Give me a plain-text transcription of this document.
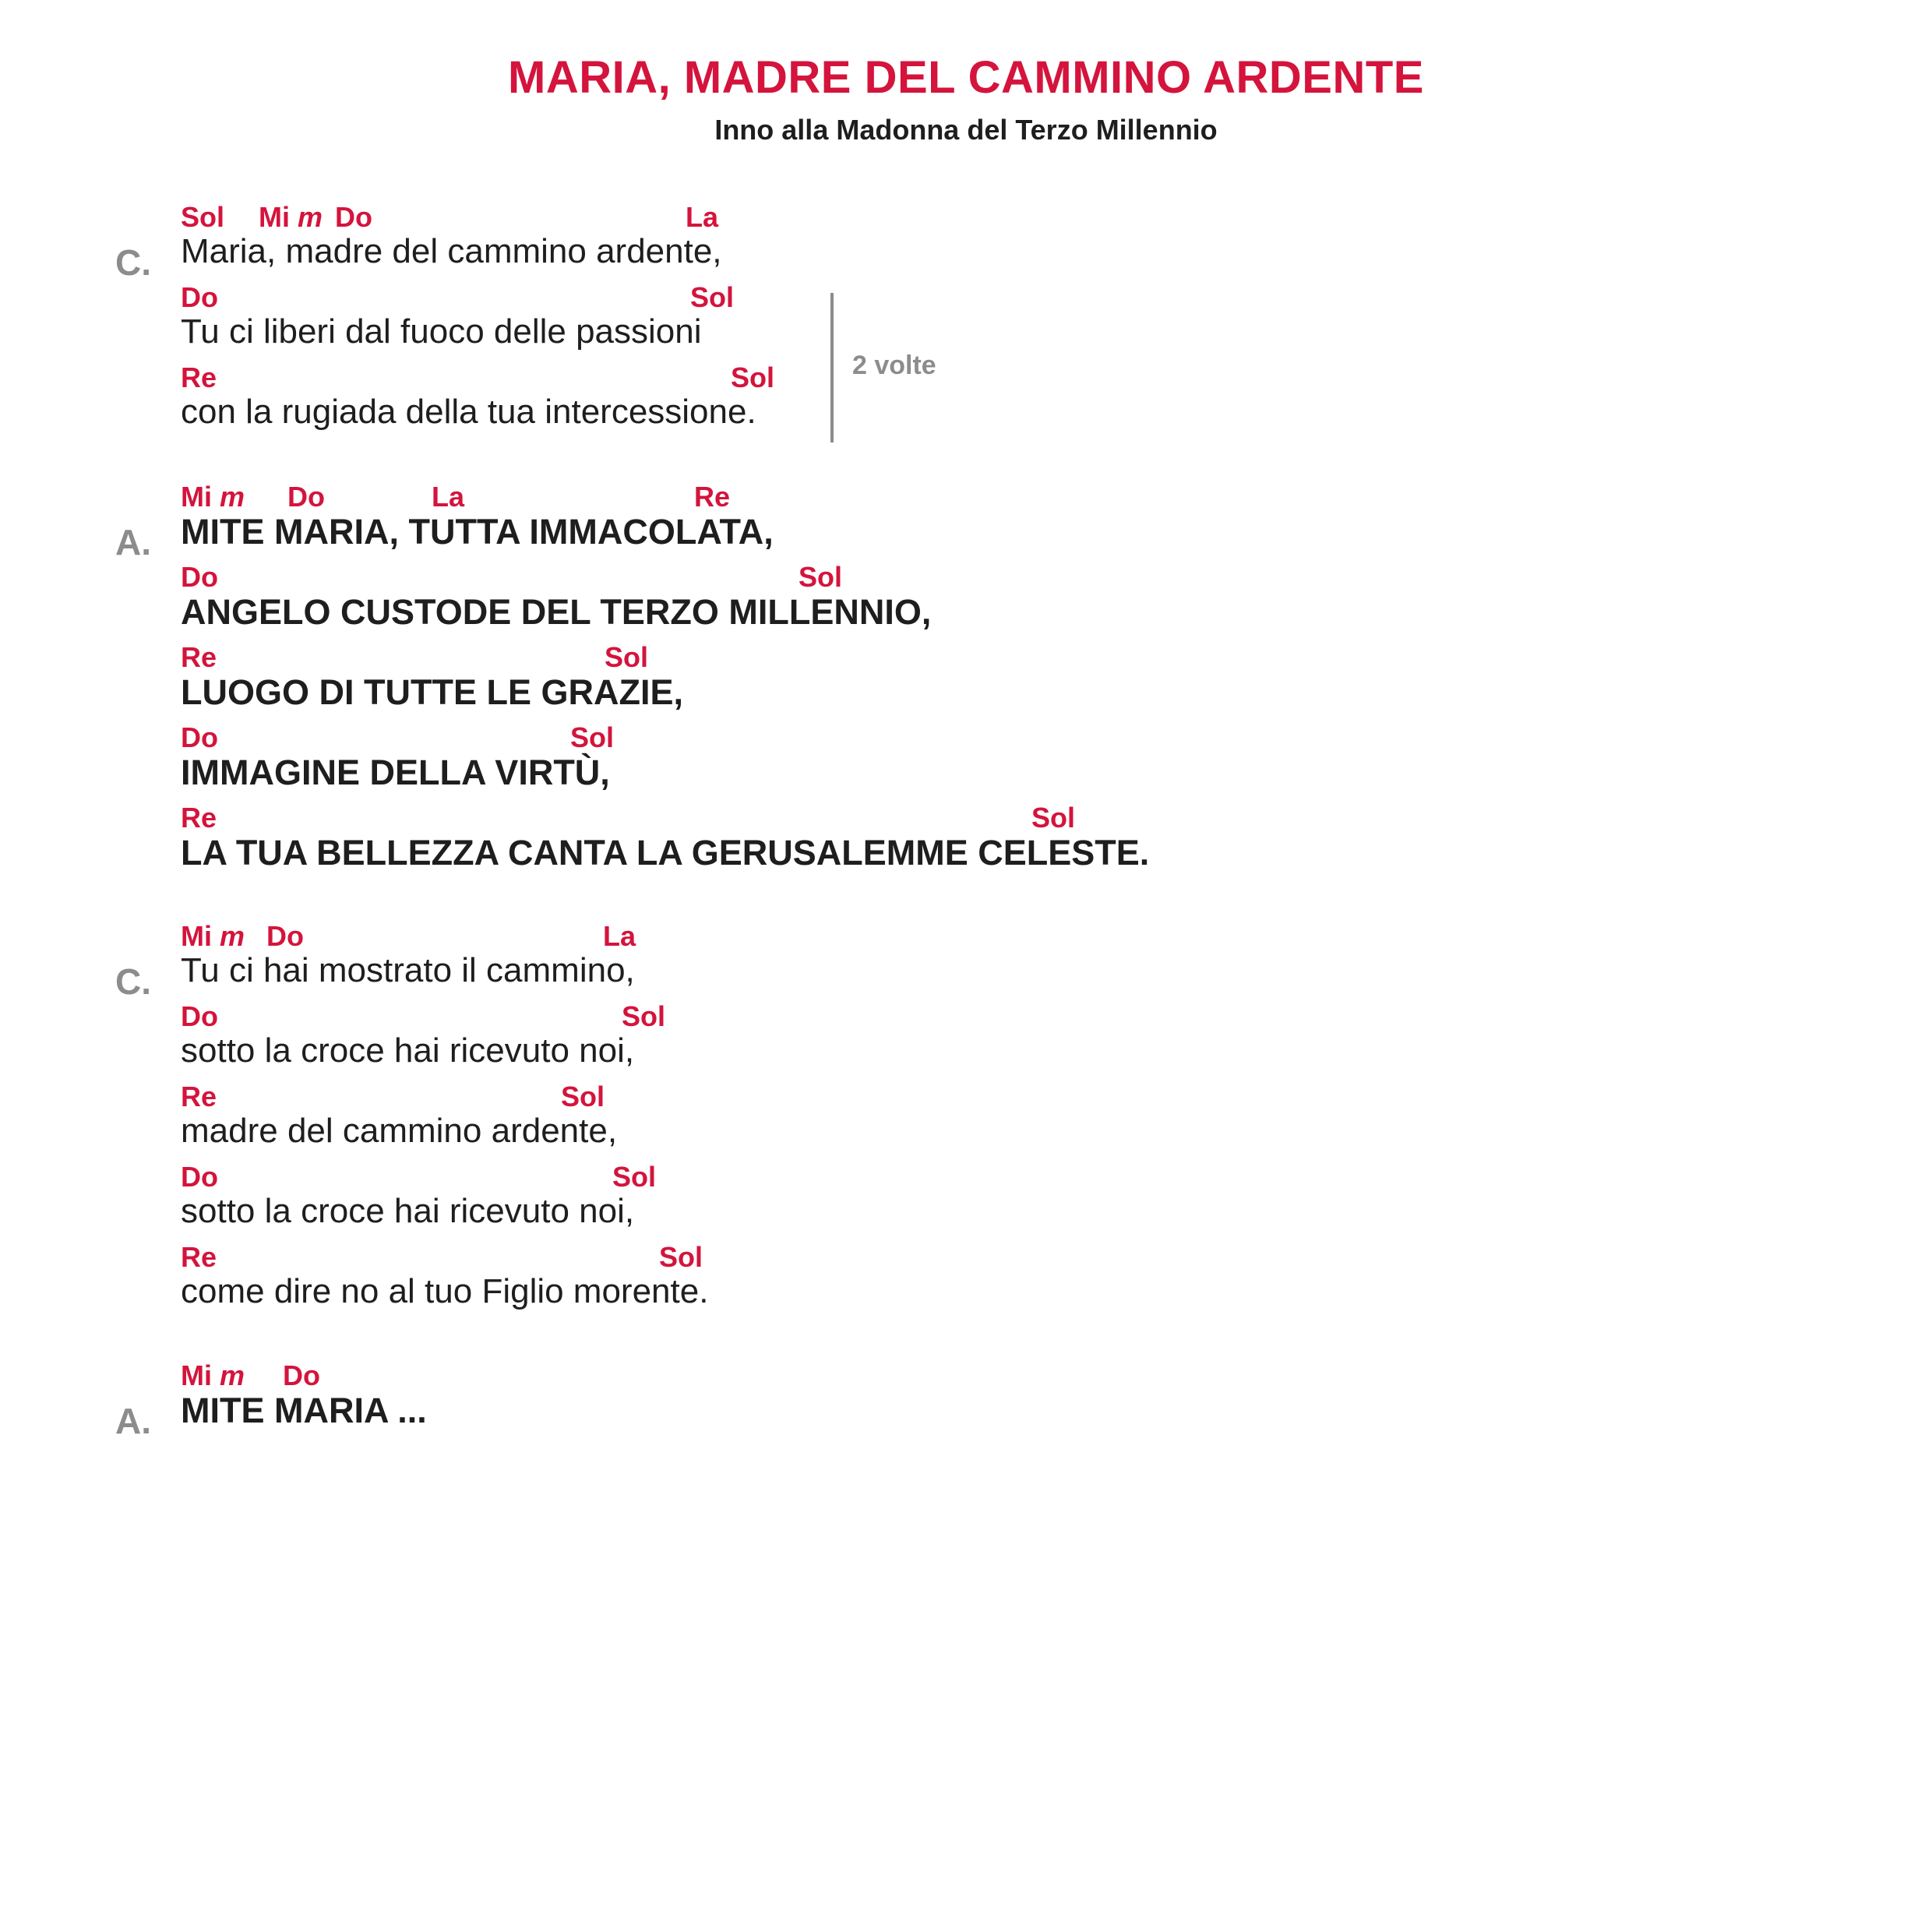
MARIA, MADRE DEL CAMMINO ARDENTE
Inno alla Madonna del Terzo Millennio
C.
Sol Mi m Do	La
Maria, madre del cammino ardente,
Do	Sol
Tu ci liberi dal fuoco delle passioni
Re	Sol
con la rugiada della tua intercessione.
A.
Mi m Do	La	Re
MITE MARIA, TUTTA IMMACOLATA,
Do	Sol
ANGELO CUSTODE DEL TERZO MILLENNIO,
Re	Sol
LUOGO DI TUTTE LE GRAZIE,
Do	Sol
IMMAGINE DELLA VIRTÙ,
Re	Sol
LA TUA BELLEZZA CANTA LA GERUSALEMME CELESTE.
C.
Mi m Do	La
Tu ci hai mostrato il cammino,
Do	Sol
sotto la croce hai ricevuto noi,
Re	Sol
madre del cammino ardente,
Do	Sol
sotto la croce hai ricevuto noi,
Re	Sol
come dire no al tuo Figlio morente.
A.
Mi m Do
MITE MARIA ...
2 volte
